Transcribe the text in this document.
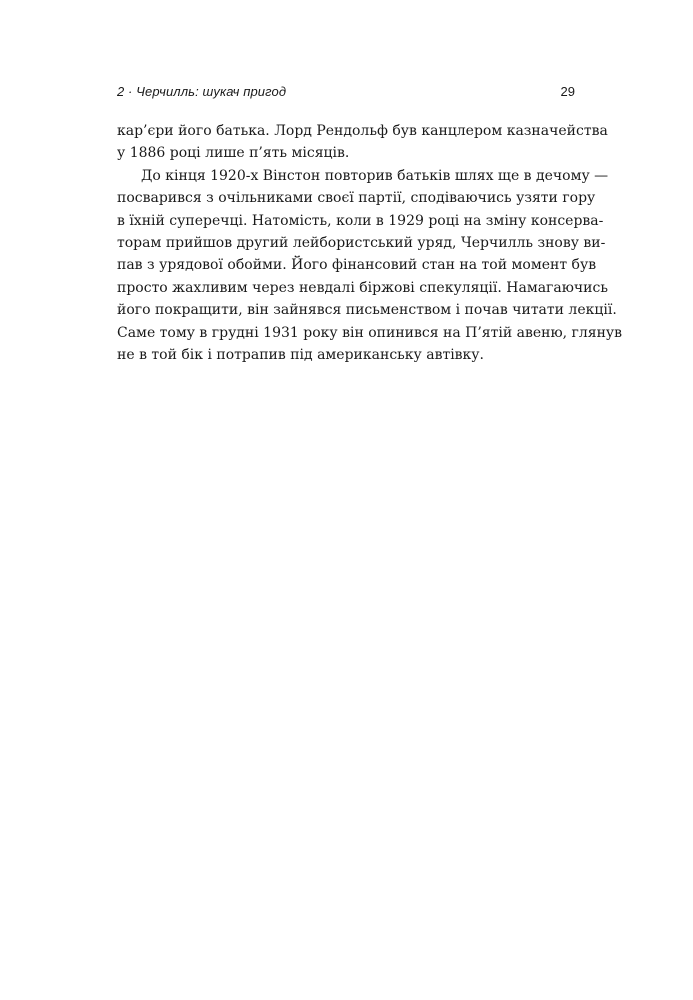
2 · Черчилль: шукач пригод	29
кар’єри його батька. Лорд Рендольф був канцлером казначейства
у 1886 році лише п’ять місяців.
До кінця 1920-х Вінстон повторив батьків шлях ще в дечому —
посварився з очільниками своєї партії, сподіваючись узяти гору
в їхній суперечці. Натомість, коли в 1929 році на зміну консерва-
торам прийшов другий лейбористський уряд, Черчилль знову ви-
пав з урядової обойми. Його фінансовий стан на той момент був
просто жахливим через невдалі біржові спекуляції. Намагаючись
його покращити, він зайнявся письменством і почав читати лекції.
Саме тому в грудні 1931 року він опинився на П’ятій авеню, глянув
не в той бік і потрапив під американську автівку.
